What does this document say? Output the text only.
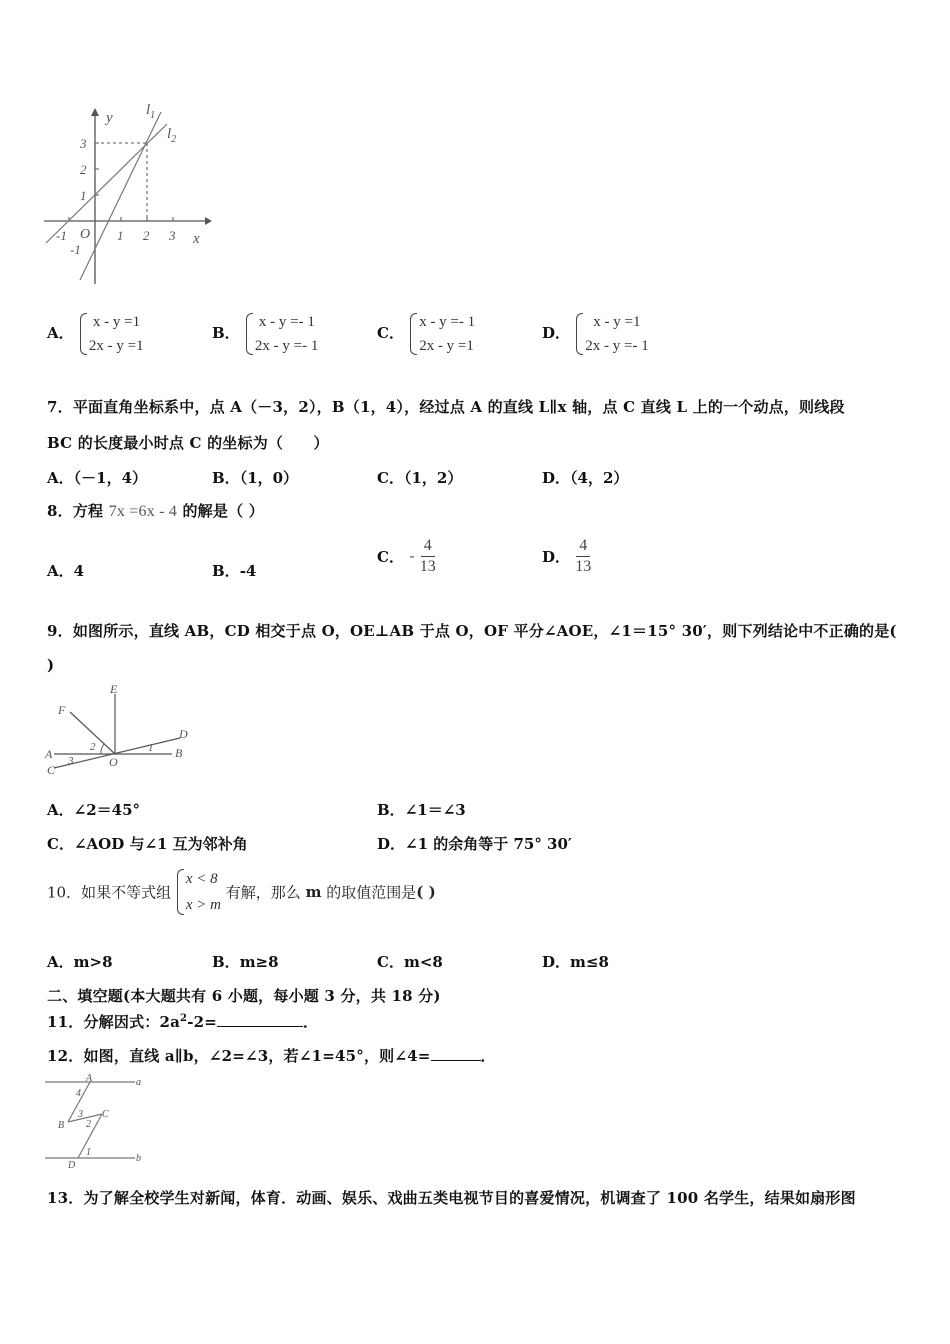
y
x
O
$l_1$
$l_2$
3
2
1
-1
-1	1 2 3
A．
x - y =1
2x - y =1
B．
x - y =- 1
2x - y =- 1
C．
x - y =- 1
2x - y =1
D．
x - y =1
2x - y =- 1
7．平面直角坐标系中，点 A（－3，2），B（1，4），经过点 A 的直线 L∥x 轴，点 C 直线 L 上的一个动点，则线段
BC 的长度最小时点 C 的坐标为（　　）
A．（－1，4）	B．（1，0）	C．（1，2）	D．（4，2）
8．方程 7x =6x - 4 的解是（ ）
A．4	B．-4
C． - $\frac{4}{13}$	D． $\frac{4}{13}$
9．如图所示，直线 AB，CD 相交于点 O，OE⊥AB 于点 O，OF 平分∠AOE，∠1＝15° 30′，则下列结论中不正确的是(
)
E
F
D
A	B
C
O
1
2
3
A．∠2＝45°	B．∠1＝∠3
C．∠AOD 与∠1 互为邻补角	D．∠1 的余角等于 75° 30′
10．如果不等式组
x < 8
x > m
有解，那么 m 的取值范围是( )
A．m>8	B．m≥8	C．m<8	D．m≤8
二、填空题(本大题共有 6 小题，每小题 3 分，共 18 分)
11．分解因式：$2a^2-2=$	．
12．如图，直线 a∥b，∠2=∠3，若∠1=45°，则∠4=	．
A	a
4
3 C
B 2
1
D
b
13．为了解全校学生对新闻，体育．动画、娱乐、戏曲五类电视节目的喜爱情况，机调查了 100 名学生，结果如扇形图
